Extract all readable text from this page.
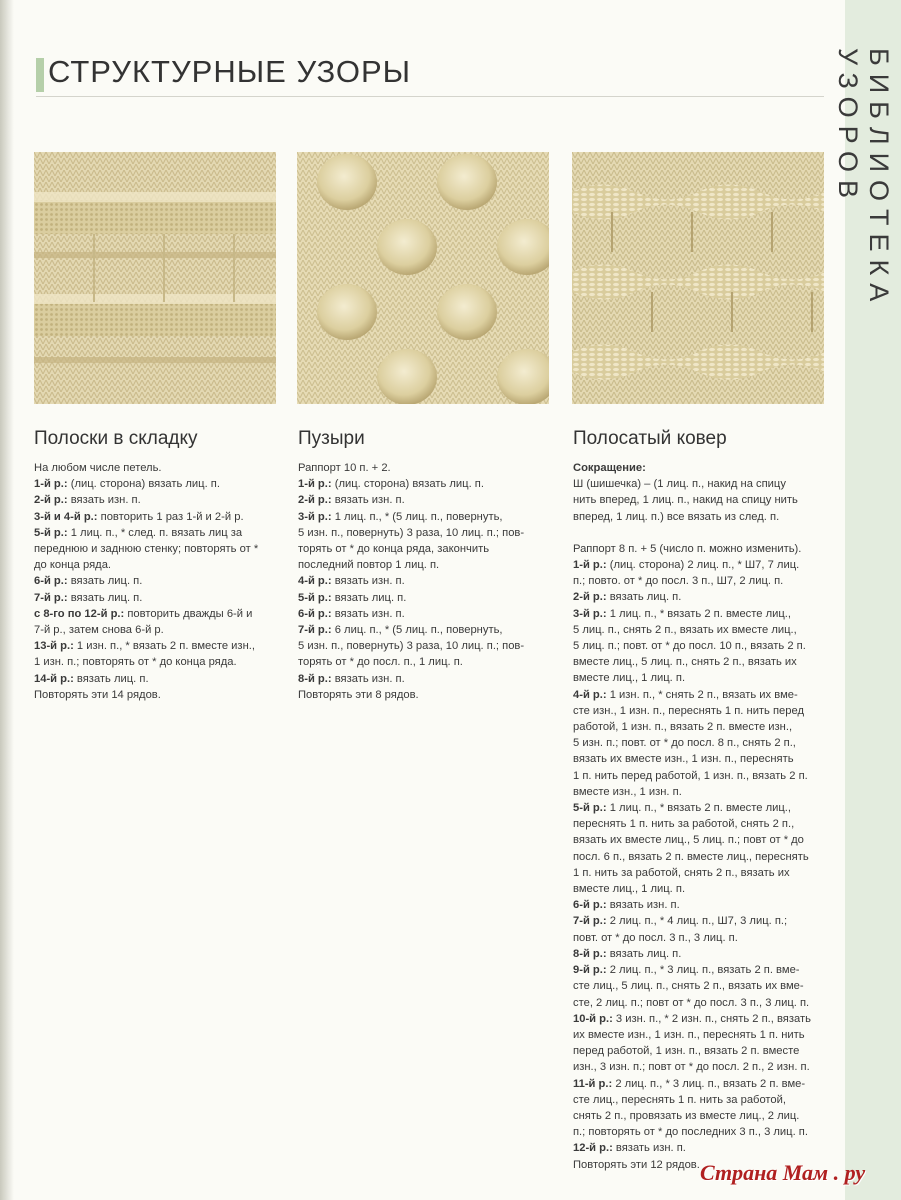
БИБЛИОТЕКА УЗОРОВ
СТРУКТУРНЫЕ УЗОРЫ
Полоски в складку
На любом числе петель.
1-й р.: (лиц. сторона) вязать лиц. п.
2-й р.: вязать изн. п.
3-й и 4-й р.: повторить 1 раз 1-й и 2-й р.
5-й р.: 1 лиц. п., * след. п. вязать лиц за
переднюю и заднюю стенку; повторять от *
до конца ряда.
6-й р.: вязать лиц. п.
7-й р.: вязать лиц. п.
с 8-го по 12-й р.: повторить дважды 6-й и
7-й р., затем снова 6-й р.
13-й р.: 1 изн. п., * вязать 2 п. вместе изн.,
1 изн. п.; повторять от * до конца ряда.
14-й р.: вязать лиц. п.
Повторять эти 14 рядов.
Пузыри
Раппорт 10 п. + 2.
1-й р.: (лиц. сторона) вязать лиц. п.
2-й р.: вязать изн. п.
3-й р.: 1 лиц. п., * (5 лиц. п., повернуть,
5 изн. п., повернуть) 3 раза, 10 лиц. п.; пов-
торять от * до конца ряда, закончить
последний повтор 1 лиц. п.
4-й р.: вязать изн. п.
5-й р.: вязать лиц. п.
6-й р.: вязать изн. п.
7-й р.: 6 лиц. п., * (5 лиц. п., повернуть,
5 изн. п., повернуть) 3 раза, 10 лиц. п.; пов-
торять от * до посл. п., 1 лиц. п.
8-й р.: вязать изн. п.
Повторять эти 8 рядов.
Полосатый ковер
Сокращение:
Ш (шишечка) – (1 лиц. п., накид на спицу
нить вперед, 1 лиц. п., накид на спицу нить
вперед, 1 лиц. п.) все вязать из след. п.
Раппорт 8 п. + 5 (число п. можно изменить).
1-й р.: (лиц. сторона) 2 лиц. п., * Ш7, 7 лиц.
п.; повто. от * до посл. 3 п., Ш7, 2 лиц. п.
2-й р.: вязать лиц. п.
3-й р.: 1 лиц. п., * вязать 2 п. вместе лиц.,
5 лиц. п., снять 2 п., вязать их вместе лиц.,
5 лиц. п.; повт. от * до посл. 10 п., вязать 2 п.
вместе лиц., 5 лиц. п., снять 2 п., вязать их
вместе лиц., 1 лиц. п.
4-й р.: 1 изн. п., * снять 2 п., вязать их вме-
сте изн., 1 изн. п., переснять 1 п. нить перед
работой, 1 изн. п., вязать 2 п. вместе изн.,
5 изн. п.; повт. от * до посл. 8 п., снять 2 п.,
вязать их вместе изн., 1 изн. п., переснять
1 п. нить перед работой, 1 изн. п., вязать 2 п.
вместе изн., 1 изн. п.
5-й р.: 1 лиц. п., * вязать 2 п. вместе лиц.,
переснять 1 п. нить за работой, снять 2 п.,
вязать их вместе лиц., 5 лиц. п.; повт от * до
посл. 6 п., вязать 2 п. вместе лиц., переснять
1 п. нить за работой, снять 2 п., вязать их
вместе лиц., 1 лиц. п.
6-й р.: вязать изн. п.
7-й р.: 2 лиц. п., * 4 лиц. п., Ш7, 3 лиц. п.;
повт. от * до посл. 3 п., 3 лиц. п.
8-й р.: вязать лиц. п.
9-й р.: 2 лиц. п., * 3 лиц. п., вязать 2 п. вме-
сте лиц., 5 лиц. п., снять 2 п., вязать их вме-
сте, 2 лиц. п.; повт от * до посл. 3 п., 3 лиц. п.
10-й р.: 3 изн. п., * 2 изн. п., снять 2 п., вязать
их вместе изн., 1 изн. п., переснять 1 п. нить
перед работой, 1 изн. п., вязать 2 п. вместе
изн., 3 изн. п.; повт от * до посл. 2 п., 2 изн. п.
11-й р.: 2 лиц. п., * 3 лиц. п., вязать 2 п. вме-
сте лиц., переснять 1 п. нить за работой,
снять 2 п., провязать из вместе лиц., 2 лиц.
п.; повторять от * до последних 3 п., 3 лиц. п.
12-й р.: вязать изн. п.
Повторять эти 12 рядов. Страна Мам . ру
